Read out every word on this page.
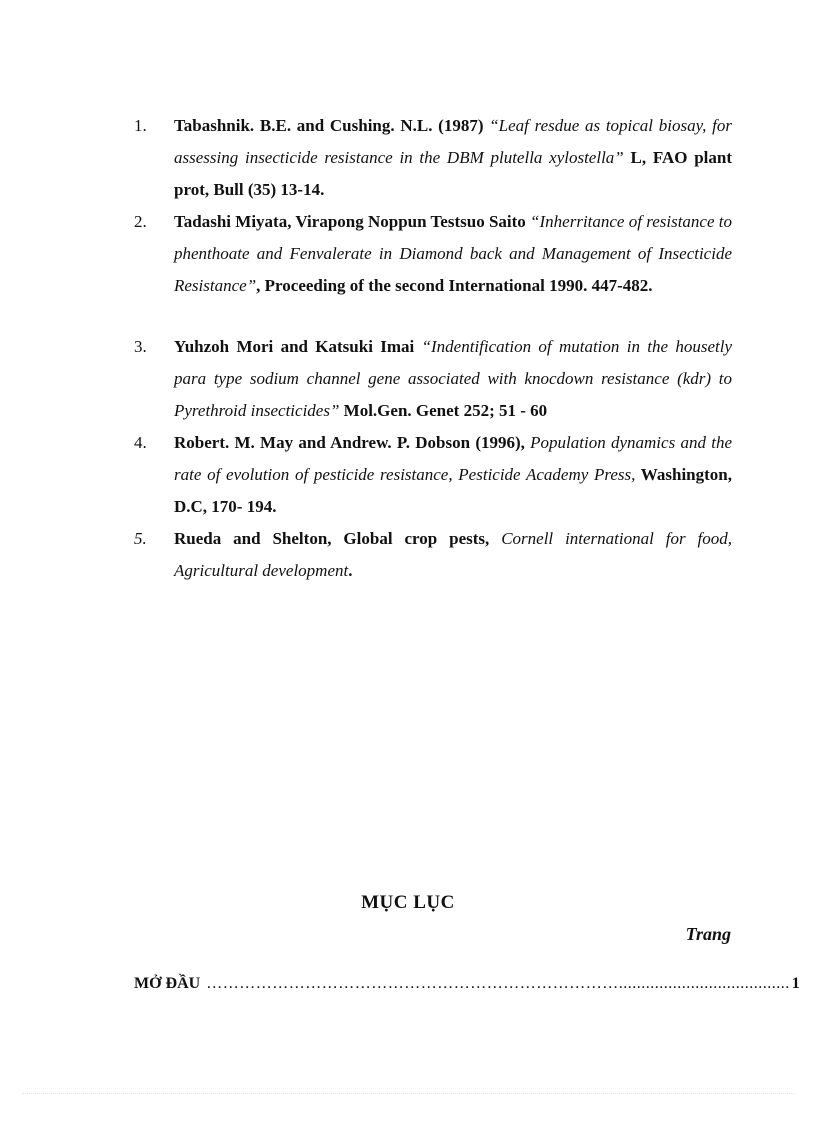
1.	Tabashnik. B.E. and Cushing. N.L. (1987) “Leaf resdue as topical biosay, for assessing insecticide resistance in the DBM plutella xylostella” L, FAO plant prot, Bull (35) 13-14.
2.	Tadashi Miyata, Virapong Noppun Testsuo Saito “Inherritance of resistance to phenthoate and Fenvalerate in Diamond back and Management of Insecticide Resistance”, Proceeding of the second International 1990. 447-482.
3.	Yuhzoh Mori and Katsuki Imai “Indentification of mutation in the housetly para type sodium channel gene associated with knocdown resistance (kdr) to Pyrethroid insecticides” Mol.Gen. Genet 252; 51 - 60
4.	Robert. M. May and Andrew. P. Dobson (1996), Population dynamics and the rate of evolution of pesticide resistance, Pesticide Academy Press, Washington, D.C, 170- 194.
5.	Rueda and Shelton, Global crop pests, Cornell international for food, Agricultural development.
MỤC LỤC
Trang
MỞ ĐẦU …………………………………………………………………...................................... 1
